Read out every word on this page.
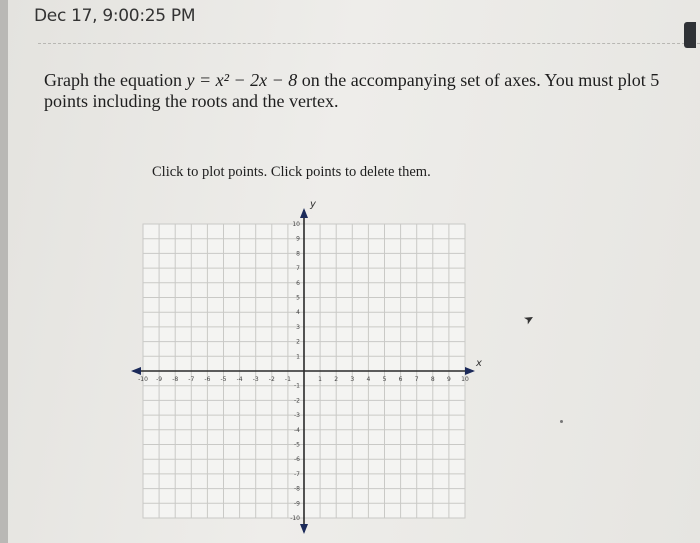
Dec 17, 9:00:25 PM
Graph the equation y = x² − 2x − 8 on the accompanying set of axes. You must plot 5 points including the roots and the vertex.
Click to plot points. Click points to delete them.
x
y
-10 -9 -8 -7 -6 -5 -4 -3 -2 -1	1 2 3 4 5 6 7 8 9 10
-10
-9
-8
-7
-6
-5
-4
-3
-2
-1
1
2
3
4
5
6
7
8
9
10
➤
